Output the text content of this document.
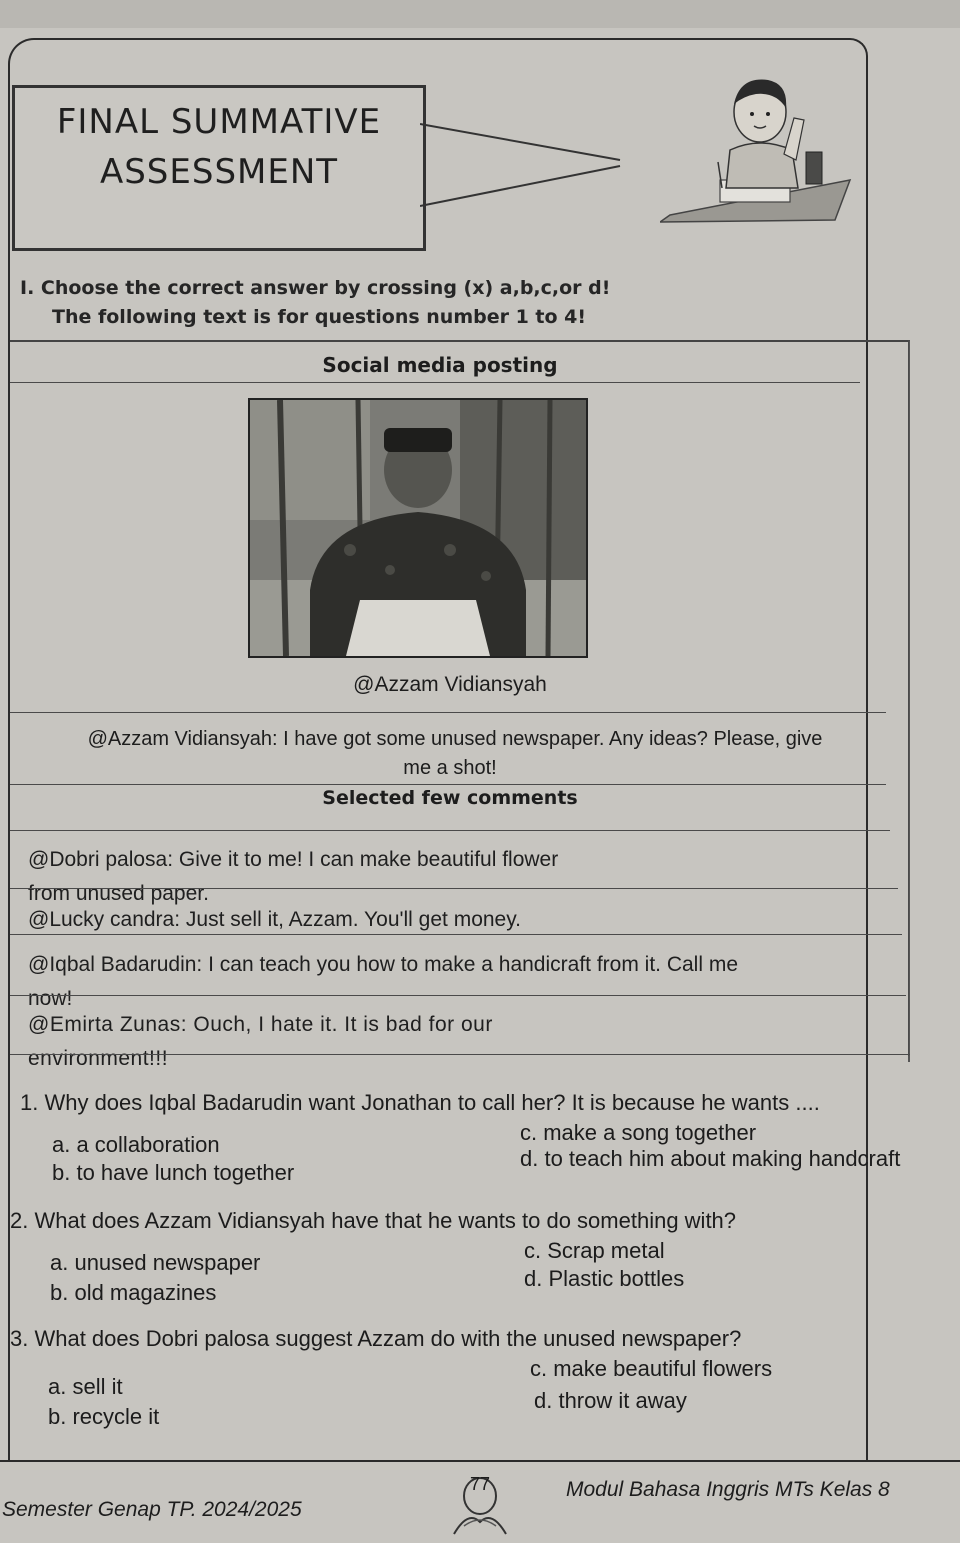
FINAL SUMMATIVE
ASSESSMENT
I. Choose the correct answer by crossing (x) a,b,c,or d!
The following text is for questions number 1 to 4!
Social media posting
@Azzam Vidiansyah
@Azzam Vidiansyah: I have got some unused newspaper. Any ideas? Please, give
me a shot!
Selected few comments
@Dobri palosa: Give it to me! I can make beautiful flower
from unused paper.
@Lucky candra: Just sell it, Azzam. You'll get money.
@Iqbal Badarudin: I can teach you how to make a handicraft from it. Call me
now!
@Emirta Zunas: Ouch, I hate it. It is bad for our
environment!!!
1. Why does Iqbal Badarudin want Jonathan to call her? It is because he wants ....
a. a collaboration
b. to have lunch together
c. make a song together
d. to teach him about making handcraft
2. What does Azzam Vidiansyah have that he wants to do something with?
a. unused newspaper
b. old magazines
c. Scrap metal
d. Plastic bottles
3. What does Dobri palosa suggest Azzam do with the unused newspaper?
a. sell it
b. recycle it
c. make beautiful flowers
d. throw it away
Semester Genap TP. 2024/2025
77	Modul Bahasa Inggris MTs Kelas 8
